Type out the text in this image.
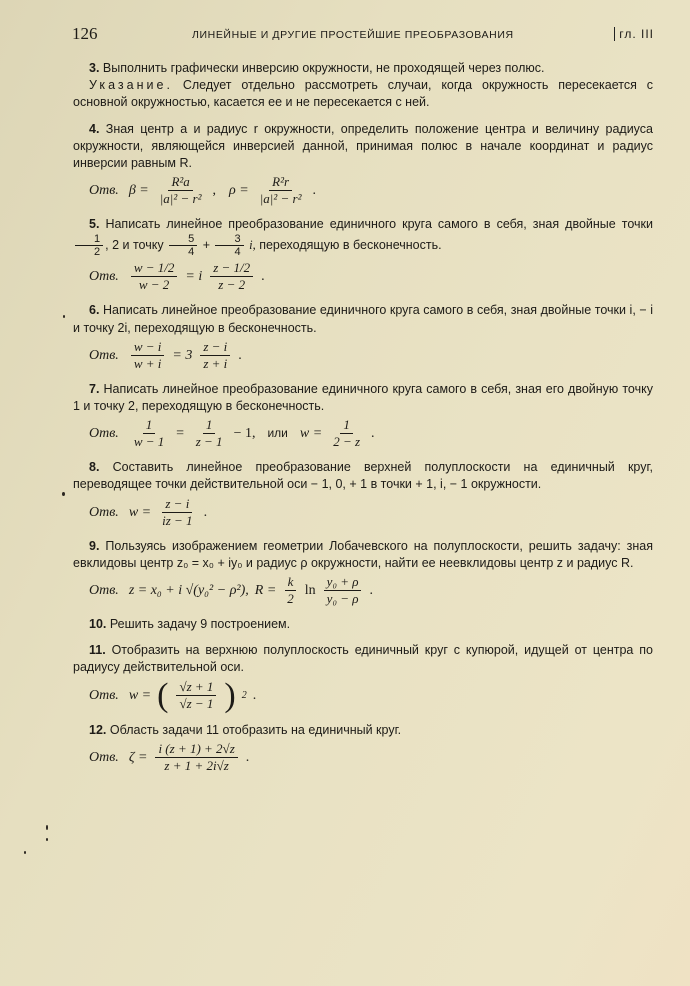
126	ЛИНЕЙНЫЕ И ДРУГИЕ ПРОСТЕЙШИЕ ПРЕОБРАЗОВАНИЯ	гл. III

3. Выполнить графически инверсию окружности, не проходящей через полюс.

Указание. Следует отдельно рассмотреть случаи, когда окружность пересекается с основной окружностью, касается ее и не пересекается с ней.

4. Зная центр a и радиус r окружности, определить положение центра и величину радиуса окружности, являющейся инверсией данной, принимая полюс в начале координат и радиус инверсии равным R.

Отв. $\beta = \frac{\text{R²a}}{\text{|a|² − r²}}$ , $\rho = \frac{\text{R²r}}{\text{|a|² − r²}}$ .

5. Написать линейное преобразование единичного круга самого в себя, зная двойные точки
$\frac{1}{2}$ , 2 и точку $\frac{5}{4} + \frac{3}{4} i$, переходящую в бесконечность.

Отв. $\frac{w - 1/2}{w - 2} = i \frac{z - 1/2}{z - 2}$ .

6. Написать линейное преобразование единичного круга самого в себя, зная двойные точки i, − i и точку 2i, переходящую в бесконечность.

Отв. $\frac{w - i}{w + i} = 3 \frac{z - i}{z + i}$ .

7. Написать линейное преобразование единичного круга самого в себя, зная его двойную точку 1 и точку 2, переходящую в бесконечность.

Отв. $\frac{1}{w - 1} = \frac{1}{z - 1} - 1$, или $w = \frac{1}{2 - z}$ .

8. Составить линейное преобразование верхней полуплоскости на единичный круг, переводящее точки действительной оси − 1, 0, + 1 в точки + 1, i, − 1 окружности.

Отв. $w = \frac{z - i}{iz - 1}$ .

9. Пользуясь изображением геометрии Лобачевского на полуплоскости, решить задачу: зная евклидовы центр z₀ = x₀ + iy₀ и радиус ρ окружности, найти ее неевклидовы центр z и радиус R.

Отв. z = x₀ + i √(y₀² − ρ²), $R = \frac{k}{2}$ $\ln \frac{\text{y₀ + ρ}}{\text{y₀ − ρ}}$ .

10. Решить задачу 9 построением.

11. Отобразить на верхнюю полуплоскость единичный круг с купюрой, идущей от центра по радиусу действительной оси.

Отв. w = ( $\frac{√z + 1}{√z - 1}$ ) 2 .

12. Область задачи 11 отобразить на единичный круг.

Отв. $\zeta = \frac{i (z + 1) + 2√z}{z + 1 + 2i√z}$ .
